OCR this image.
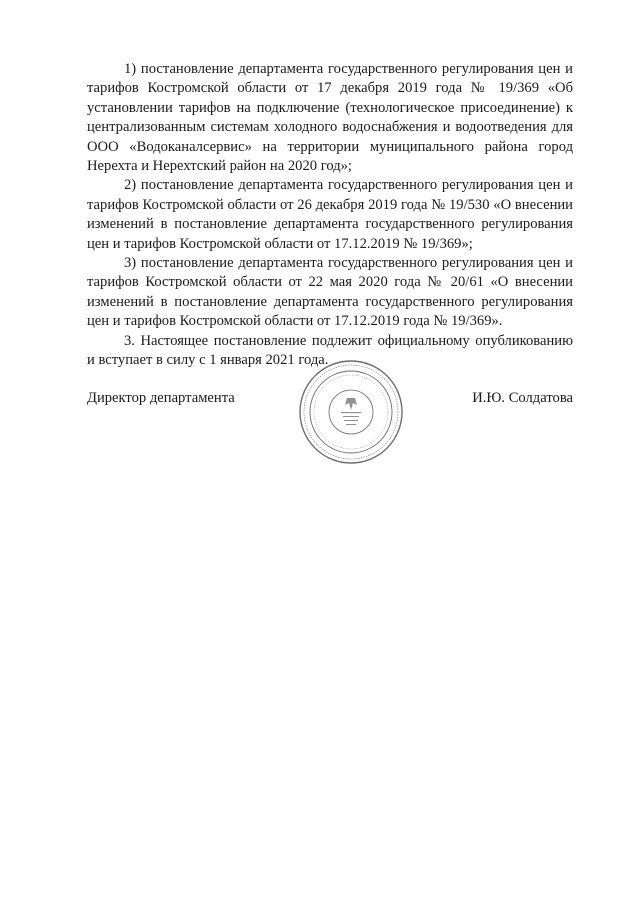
1) постановление департамента государственного регулирования цен и тарифов Костромской области от 17 декабря 2019 года № 19/369 «Об установлении тарифов на подключение (технологическое присоединение) к централизованным системам холодного водоснабжения и водоотведения для ООО «Водоканалсервис» на территории муниципального района город Нерехта и Нерехтский район на 2020 год»;

2) постановление департамента государственного регулирования цен и тарифов Костромской области от 26 декабря 2019 года № 19/530 «О внесении изменений в постановление департамента государственного регулирования цен и тарифов Костромской области от 17.12.2019 № 19/369»;

3) постановление департамента государственного регулирования цен и тарифов Костромской области от 22 мая 2020 года № 20/61 «О внесении изменений в постановление департамента государственного регулирования цен и тарифов Костромской области от 17.12.2019 года № 19/369».

3. Настоящее постановление подлежит официальному опубликованию и вступает в силу с 1 января 2021 года.

Директор департамента	И.Ю. Солдатова
